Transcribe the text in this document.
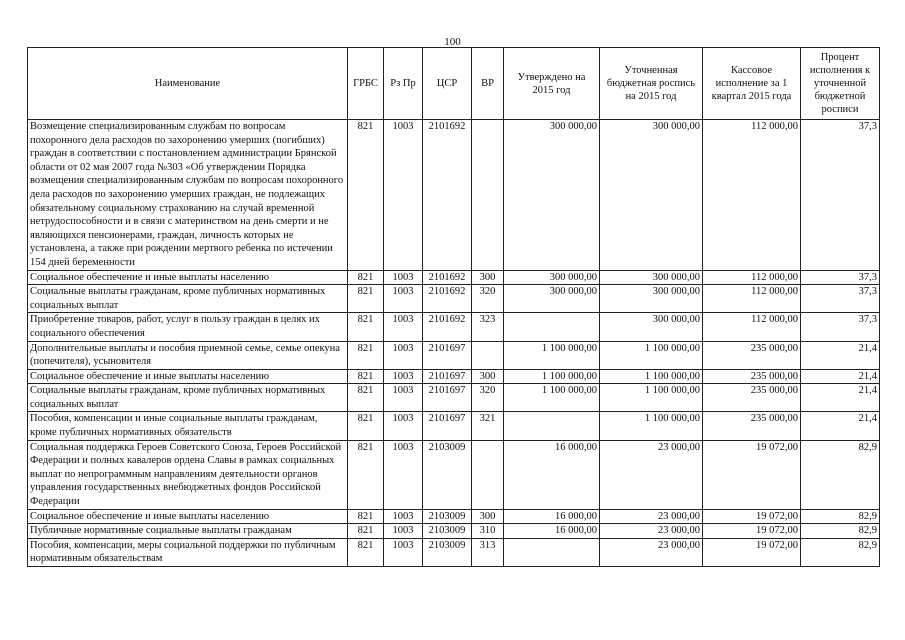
100
Наименование	ГРБС	Рз Пр	ЦСР	ВР	Утверждено на 2015 год	Уточненная бюджетная роспись на 2015 год	Кассовое исполнение за 1 квартал 2015 года	Процент исполнения к уточненной бюджетной росписи
Возмещение специализированным службам по вопросам похоронного дела расходов по захоронению умерших (погибших) граждан в соответствии с постановлением администрации Брянской области от 02 мая 2007 года №303 «Об утверждении Порядка возмещения специализированным службам по вопросам похоронного дела расходов по захоронению умерших граждан, не подлежащих обязательному социальному страхованию на случай временной нетрудоспособности и в связи с материнством на день смерти и не являющихся пенсионерами, граждан, личность которых не установлена, а также при рождении мертвого ребенка по истечении 154 дней беременности	821	1003	2101692		300 000,00	300 000,00	112 000,00	37,3
Социальное обеспечение и иные выплаты населению	821	1003	2101692	300	300 000,00	300 000,00	112 000,00	37,3
Социальные выплаты гражданам, кроме публичных нормативных социальных выплат	821	1003	2101692	320	300 000,00	300 000,00	112 000,00	37,3
Приобретение товаров, работ, услуг в пользу граждан в целях их социального обеспечения	821	1003	2101692	323		300 000,00	112 000,00	37,3
Дополнительные выплаты и пособия приемной семье, семье опекуна (попечителя), усыновителя	821	1003	2101697		1 100 000,00	1 100 000,00	235 000,00	21,4
Социальное обеспечение и иные выплаты населению	821	1003	2101697	300	1 100 000,00	1 100 000,00	235 000,00	21,4
Социальные выплаты гражданам, кроме публичных нормативных социальных выплат	821	1003	2101697	320	1 100 000,00	1 100 000,00	235 000,00	21,4
Пособия, компенсации и иные социальные выплаты гражданам, кроме публичных нормативных обязательств	821	1003	2101697	321		1 100 000,00	235 000,00	21,4
Социальная поддержка Героев Советского Союза, Героев Российской Федерации и полных кавалеров ордена Славы в рамках социальных выплат по непрограммным направлениям деятельности органов управления государственных внебюджетных фондов Российской Федерации	821	1003	2103009		16 000,00	23 000,00	19 072,00	82,9
Социальное обеспечение и иные выплаты населению	821	1003	2103009	300	16 000,00	23 000,00	19 072,00	82,9
Публичные нормативные социальные выплаты гражданам	821	1003	2103009	310	16 000,00	23 000,00	19 072,00	82,9
Пособия, компенсации, меры социальной поддержки по публичным нормативным обязательствам	821	1003	2103009	313		23 000,00	19 072,00	82,9
